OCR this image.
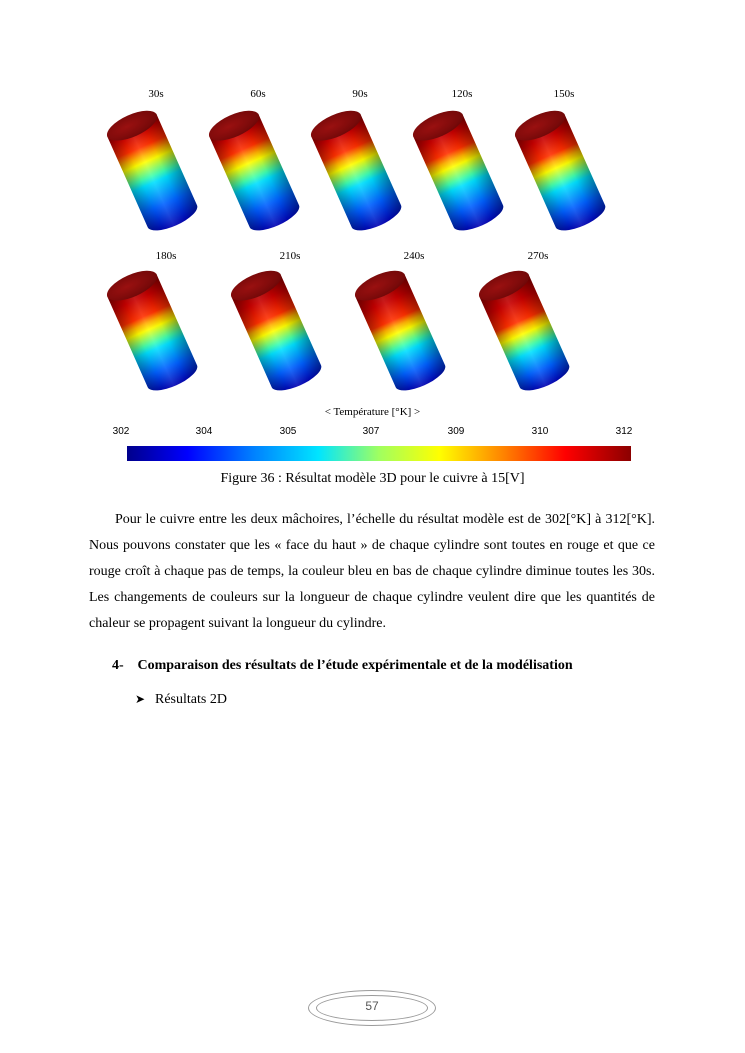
30s	60s	90s	120s	150s
180s	210s	240s	270s
< Température [°K] >
302	304	305	307	309	310	312
Figure 36 : Résultat modèle 3D pour le cuivre à 15[V]
Pour le cuivre entre les deux mâchoires, l’échelle du résultat modèle est de 302[°K] à 312[°K]. Nous pouvons constater que les « face du haut » de chaque cylindre sont toutes en rouge et que ce rouge croît à chaque pas de temps, la couleur bleu en bas de chaque cylindre diminue toutes les 30s. Les changements de couleurs sur la longueur de chaque cylindre veulent dire que les quantités de chaleur se propagent suivant la longueur du cylindre.
4- Comparaison des résultats de l’étude expérimentale et de la modélisation
➤ Résultats 2D
57
